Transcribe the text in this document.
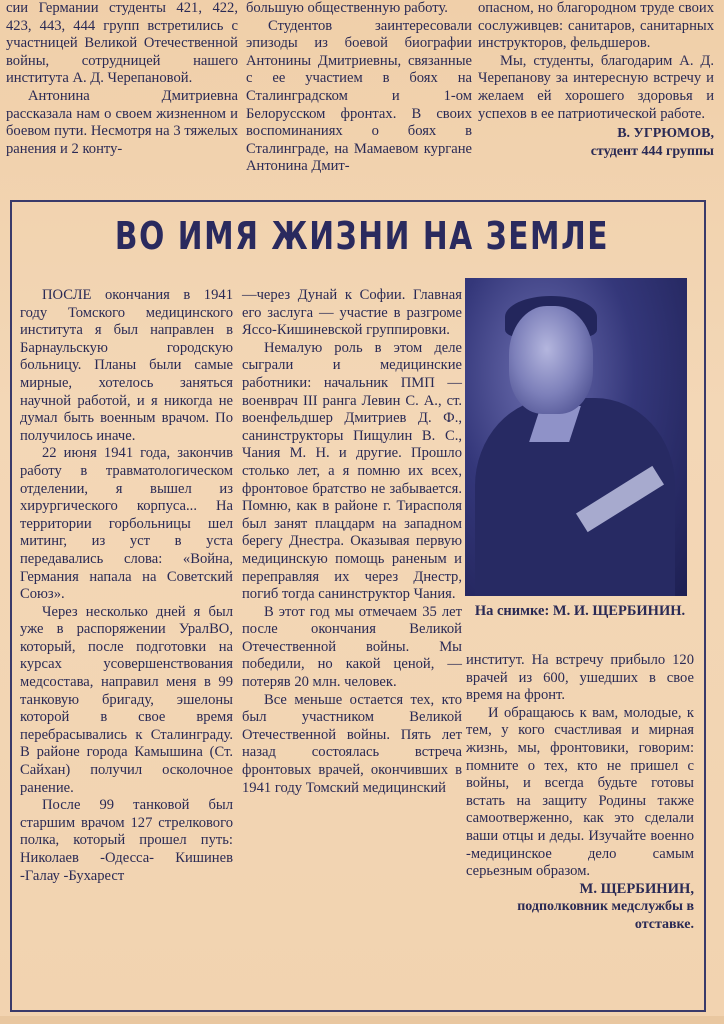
сии Германии студенты 421, 422, 423, 443, 444 групп встретились с участницей Великой Отечественной войны, сотрудницей нашего института А. Д. Черепановой.

Антонина Дмитриевна рассказала нам о своем жизненном и боевом пути. Несмотря на 3 тяжелых ранения и 2 конту-

большую общественную работу.

Студентов заинтересовали эпизоды из боевой биографии Антонины Дмитриевны, связанные с ее участием в боях на Сталинградском и 1-ом Белорусском фронтах. В своих воспоминаниях о боях в Сталинграде, на Мамаевом кургане Антонина Дмит-

опасном, но благородном труде своих сослуживцев: санитаров, санитарных инструкторов, фельдшеров.

Мы, студенты, благодарим А. Д. Черепанову за интересную встречу и желаем ей хорошего здоровья и успехов в ее патриотической работе.

В. УГРЮМОВ,
студент 444 группы
ВО ИМЯ ЖИЗНИ НА ЗЕМЛЕ

ПОСЛЕ окончания в 1941 году Томского медицинского института я был направлен в Барнаульскую городскую больницу. Планы были самые мирные, хотелось заняться научной работой, и я никогда не думал быть военным врачом. По получилось иначе.

22 июня 1941 года, закончив работу в травматологическом отделении, я вышел из хирургического корпуса... На территории горбольницы шел митинг, из уст в уста передавались слова: «Война, Германия напала на Советский Союз».

Через несколько дней я был уже в распоряжении УралВО, который, после подготовки на курсах усовершенствования медсостава, направил меня в 99 танковую бригаду, эшелоны которой в свое время перебрасывались к Сталинграду. В районе города Камышина (Ст. Сайхан) получил осколочное ранение.

После 99 танковой был старшим врачом 127 стрелкового полка, который прошел путь: Николаев -Одесса- Кишинев -Галау -Бухарест

—через Дунай к Софии. Главная его заслуга — участие в разгроме Яссо-Кишиневской группировки.

Немалую роль в этом деле сыграли и медицинские работники: начальник ПМП — военврач III ранга Левин С. А., ст. военфельдшер Дмитриев Д. Ф., санинструкторы Пищулин В. С., Чания М. Н. и другие. Прошло столько лет, а я помню их всех, фронтовое братство не забывается. Помню, как в районе г. Тирасполя был занят плацдарм на западном берегу Днестра. Оказывая первую медицинскую помощь раненым и переправляя их через Днестр, погиб тогда санинструктор Чания.

В этот год мы отмечаем 35 лет после окончания Великой Отечественной войны. Мы победили, но какой ценой, — потеряв 20 млн. человек.

Все меньше остается тех, кто был участником Великой Отечественной войны. Пять лет назад состоялась встреча фронтовых врачей, окончивших в 1941 году Томский медицинский

На снимке: М. И. ЩЕРБИНИН.

институт. На встречу прибыло 120 врачей из 600, ушедших в свое время на фронт.

И обращаюсь к вам, молодые, к тем, у кого счастливая и мирная жизнь, мы, фронтовики, говорим: помните о тех, кто не пришел с войны, и всегда будьте готовы встать на защиту Родины также самоотверженно, как это сделали ваши отцы и деды. Изучайте военно -медицинское дело самым серьезным образом.

М. ЩЕРБИНИН,
подполковник медслужбы в отставке.
